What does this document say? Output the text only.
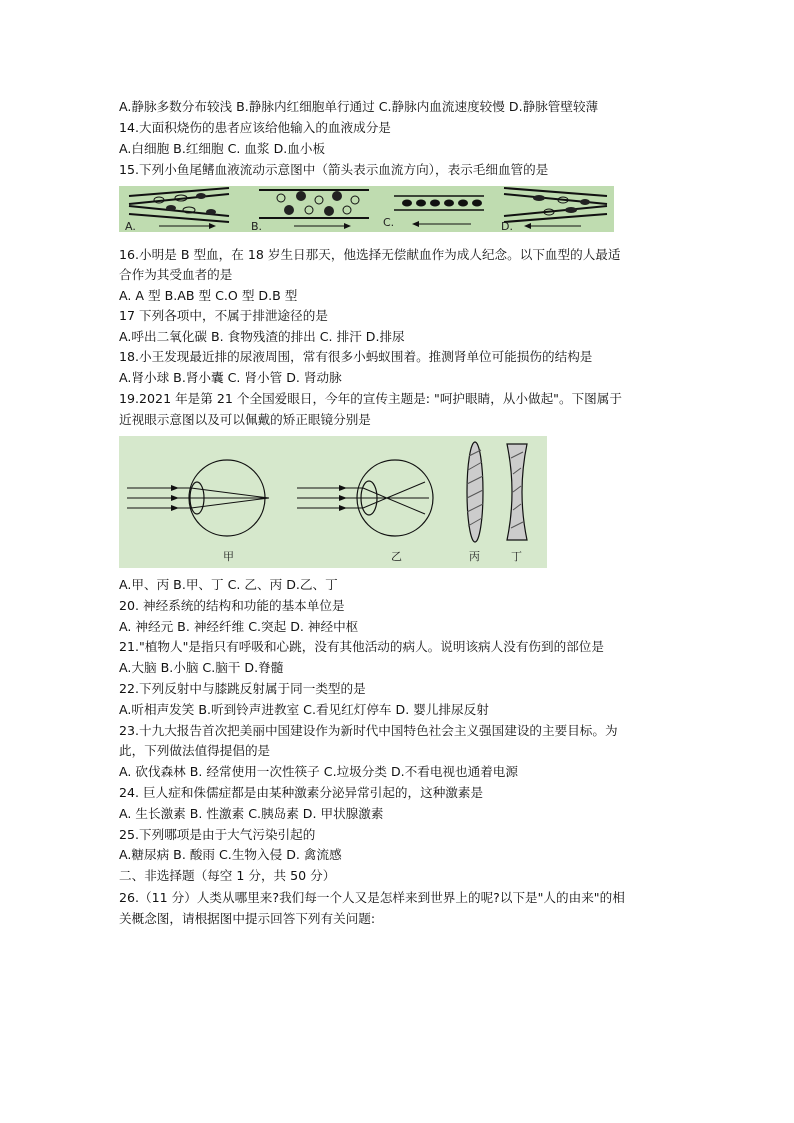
A.静脉多数分布较浅 B.静脉内红细胞单行通过 C.静脉内血流速度较慢 D.静脉管壁较薄
14.大面积烧伤的患者应该给他输入的血液成分是
A.白细胞 B.红细胞 C. 血浆 D.血小板
15.下列小鱼尾鳍血液流动示意图中（箭头表示血流方向），表示毛细血管的是
A.	B.	C.	D.
16.小明是 B 型血，在 18 岁生日那天，他选择无偿献血作为成人纪念。以下血型的人最适
合作为其受血者的是
A. A 型 B.AB 型 C.O 型 D.B 型
17 下列各项中，不属于排泄途径的是
A.呼出二氧化碳 B. 食物残渣的排出 C. 排汗 D.排尿
18.小王发现最近排的尿液周围，常有很多小蚂蚁围着。推测肾单位可能损伤的结构是
A.肾小球 B.肾小囊 C. 肾小管 D. 肾动脉
19.2021 年是第 21 个全国爱眼日，今年的宣传主题是: "呵护眼睛，从小做起"。下图属于
近视眼示意图以及可以佩戴的矫正眼镜分别是
甲	乙	丙	丁
A.甲、丙 B.甲、丁 C. 乙、丙 D.乙、丁
20. 神经系统的结构和功能的基本单位是
A. 神经元 B. 神经纤维 C.突起 D. 神经中枢
21."植物人"是指只有呼吸和心跳，没有其他活动的病人。说明该病人没有伤到的部位是
A.大脑 B.小脑 C.脑干 D.脊髓
22.下列反射中与膝跳反射属于同一类型的是
A.听相声发笑 B.听到铃声进教室 C.看见红灯停车 D. 婴儿排尿反射
23.十九大报告首次把美丽中国建设作为新时代中国特色社会主义强国建设的主要目标。为
此，下列做法值得提倡的是
A. 砍伐森林 B. 经常使用一次性筷子 C.垃圾分类 D.不看电视也通着电源
24. 巨人症和侏儒症都是由某种激素分泌异常引起的，这种激素是
A. 生长激素 B. 性激素 C.胰岛素 D. 甲状腺激素
25.下列哪项是由于大气污染引起的
A.糖尿病 B. 酸雨 C.生物入侵 D. 禽流感
二、非选择题（每空 1 分，共 50 分）
26.（11 分）人类从哪里来?我们每一个人又是怎样来到世界上的呢?以下是"人的由来"的相
关概念图，请根据图中提示回答下列有关问题:
